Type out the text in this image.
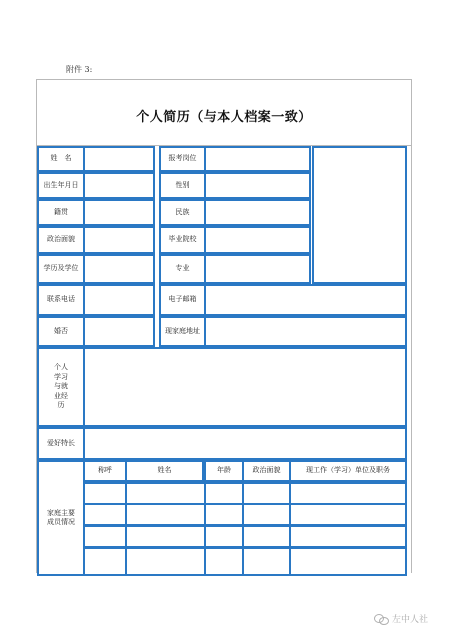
附件 3:
个人简历（与本人档案一致）
姓　名	报考岗位
出生年月日	性别
籍贯	民族
政治面貌	毕业院校
学历及学位	专业
联系电话	电子邮箱
婚否	现家庭地址
个人
学习
与就
业经
历
爱好特长
家庭主要成员情况
称呼	姓名	年龄	政治面貌	现工作（学习）单位及职务
左中人社
